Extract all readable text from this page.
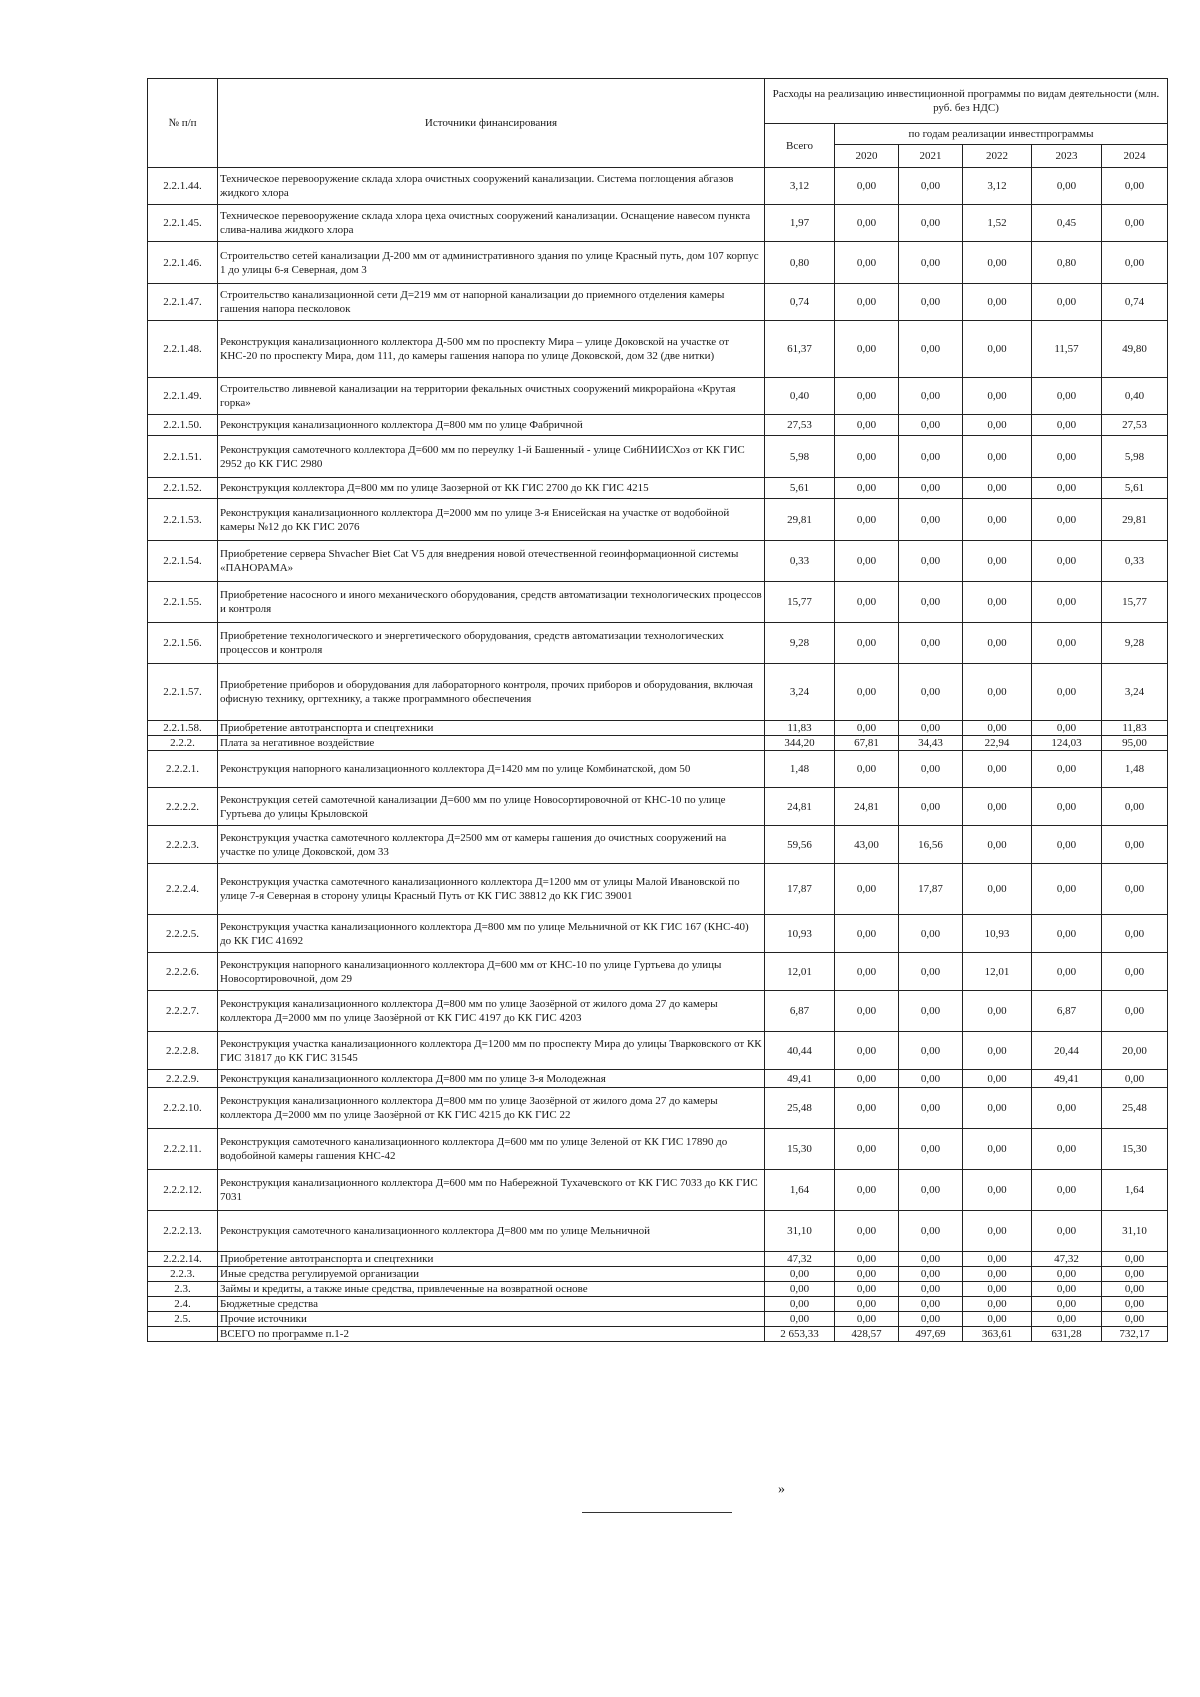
№ п/п	Источники финансирования	Расходы на реализацию инвестиционной программы по видам деятельности (млн. руб. без НДС)					
		Всего	по годам реализации инвестпрограммы				
			2020	2021	2022	2023	2024
2.2.1.44.	Техническое перевооружение склада хлора очистных сооружений канализации. Система поглощения абгазов жидкого хлора	3,12	0,00	0,00	3,12	0,00	0,00
2.2.1.45.	Техническое перевооружение склада хлора цеха очистных сооружений канализации. Оснащение навесом пункта слива-налива жидкого хлора	1,97	0,00	0,00	1,52	0,45	0,00
2.2.1.46.	Строительство сетей канализации Д-200 мм от административного здания по улице Красный путь, дом 107 корпус 1 до улицы 6-я Северная, дом 3	0,80	0,00	0,00	0,00	0,80	0,00
2.2.1.47.	Строительство канализационной сети Д=219 мм от напорной канализации до приемного отделения камеры гашения напора песколовок	0,74	0,00	0,00	0,00	0,00	0,74
2.2.1.48.	Реконструкция канализационного коллектора Д-500 мм по проспекту Мира – улице Доковской на участке от КНС-20 по проспекту Мира, дом 111, до камеры гашения напора по улице Доковской, дом 32 (две нитки)	61,37	0,00	0,00	0,00	11,57	49,80
2.2.1.49.	Строительство ливневой канализации на территории фекальных очистных сооружений микрорайона «Крутая горка»	0,40	0,00	0,00	0,00	0,00	0,40
2.2.1.50.	Реконструкция канализационного коллектора Д=800 мм по улице Фабричной	27,53	0,00	0,00	0,00	0,00	27,53
2.2.1.51.	Реконструкция самотечного коллектора Д=600 мм по переулку 1-й Башенный - улице СибНИИСХоз от КК ГИС 2952 до КК ГИС 2980	5,98	0,00	0,00	0,00	0,00	5,98
2.2.1.52.	Реконструкция коллектора Д=800 мм по улице Заозерной от КК ГИС 2700 до КК ГИС 4215	5,61	0,00	0,00	0,00	0,00	5,61
2.2.1.53.	Реконструкция канализационного коллектора Д=2000 мм по улице 3-я Енисейская на участке от водобойной камеры №12 до КК ГИС 2076	29,81	0,00	0,00	0,00	0,00	29,81
2.2.1.54.	Приобретение сервера Shvacher Biet Cat V5 для внедрения новой отечественной геоинформационной системы «ПАНОРАМА»	0,33	0,00	0,00	0,00	0,00	0,33
2.2.1.55.	Приобретение насосного и иного механического оборудования, средств автоматизации технологических процессов и контроля	15,77	0,00	0,00	0,00	0,00	15,77
2.2.1.56.	Приобретение технологического и энергетического оборудования, средств автоматизации технологических процессов и контроля	9,28	0,00	0,00	0,00	0,00	9,28
2.2.1.57.	Приобретение приборов и оборудования для лабораторного контроля, прочих приборов и оборудования, включая офисную технику, оргтехнику, а также программного обеспечения	3,24	0,00	0,00	0,00	0,00	3,24
2.2.1.58.	Приобретение автотранспорта и спецтехники	11,83	0,00	0,00	0,00	0,00	11,83
2.2.2.	Плата за негативное воздействие	344,20	67,81	34,43	22,94	124,03	95,00
2.2.2.1.	Реконструкция напорного канализационного коллектора Д=1420 мм по улице Комбинатской, дом 50	1,48	0,00	0,00	0,00	0,00	1,48
2.2.2.2.	Реконструкция сетей самотечной канализации Д=600 мм по улице Новосортировочной от КНС-10 по улице Гуртьева до улицы Крыловской	24,81	24,81	0,00	0,00	0,00	0,00
2.2.2.3.	Реконструкция участка самотечного коллектора Д=2500 мм от камеры гашения до очистных сооружений на участке по улице Доковской, дом 33	59,56	43,00	16,56	0,00	0,00	0,00
2.2.2.4.	Реконструкция участка самотечного канализационного коллектора Д=1200 мм от улицы Малой Ивановской по улице 7-я Северная в сторону улицы Красный Путь от КК ГИС 38812 до КК ГИС 39001	17,87	0,00	17,87	0,00	0,00	0,00
2.2.2.5.	Реконструкция участка канализационного коллектора Д=800 мм по улице Мельничной от КК ГИС 167 (КНС-40) до КК ГИС 41692	10,93	0,00	0,00	10,93	0,00	0,00
2.2.2.6.	Реконструкция напорного канализационного коллектора Д=600 мм от КНС-10 по улице Гуртьева до улицы Новосортировочной, дом 29	12,01	0,00	0,00	12,01	0,00	0,00
2.2.2.7.	Реконструкция канализационного коллектора Д=800 мм по улице Заозёрной от жилого дома 27 до камеры коллектора Д=2000 мм по улице Заозёрной от КК ГИС 4197 до КК ГИС 4203	6,87	0,00	0,00	0,00	6,87	0,00
2.2.2.8.	Реконструкция участка канализационного коллектора Д=1200 мм по проспекту Мира до улицы Тварковского от КК ГИС 31817 до КК ГИС 31545	40,44	0,00	0,00	0,00	20,44	20,00
2.2.2.9.	Реконструкция канализационного коллектора Д=800 мм по улице 3-я Молодежная	49,41	0,00	0,00	0,00	49,41	0,00
2.2.2.10.	Реконструкция канализационного коллектора Д=800 мм по улице Заозёрной от жилого дома 27 до камеры коллектора Д=2000 мм по улице Заозёрной от КК ГИС 4215 до КК ГИС 22	25,48	0,00	0,00	0,00	0,00	25,48
2.2.2.11.	Реконструкция самотечного канализационного коллектора Д=600 мм по улице Зеленой от КК ГИС 17890 до водобойной камеры гашения КНС-42	15,30	0,00	0,00	0,00	0,00	15,30
2.2.2.12.	Реконструкция канализационного коллектора Д=600 мм по Набережной Тухачевского от КК ГИС 7033 до КК ГИС 7031	1,64	0,00	0,00	0,00	0,00	1,64
2.2.2.13.	Реконструкция самотечного канализационного коллектора Д=800 мм по улице Мельничной	31,10	0,00	0,00	0,00	0,00	31,10
2.2.2.14.	Приобретение автотранспорта и спецтехники	47,32	0,00	0,00	0,00	47,32	0,00
2.2.3.	Иные средства регулируемой организации	0,00	0,00	0,00	0,00	0,00	0,00
2.3.	Займы и кредиты, а также иные средства, привлеченные на возвратной основе	0,00	0,00	0,00	0,00	0,00	0,00
2.4.	Бюджетные средства	0,00	0,00	0,00	0,00	0,00	0,00
2.5.	Прочие источники	0,00	0,00	0,00	0,00	0,00	0,00
	ВСЕГО по программе п.1-2	2 653,33	428,57	497,69	363,61	631,28	732,17
»
